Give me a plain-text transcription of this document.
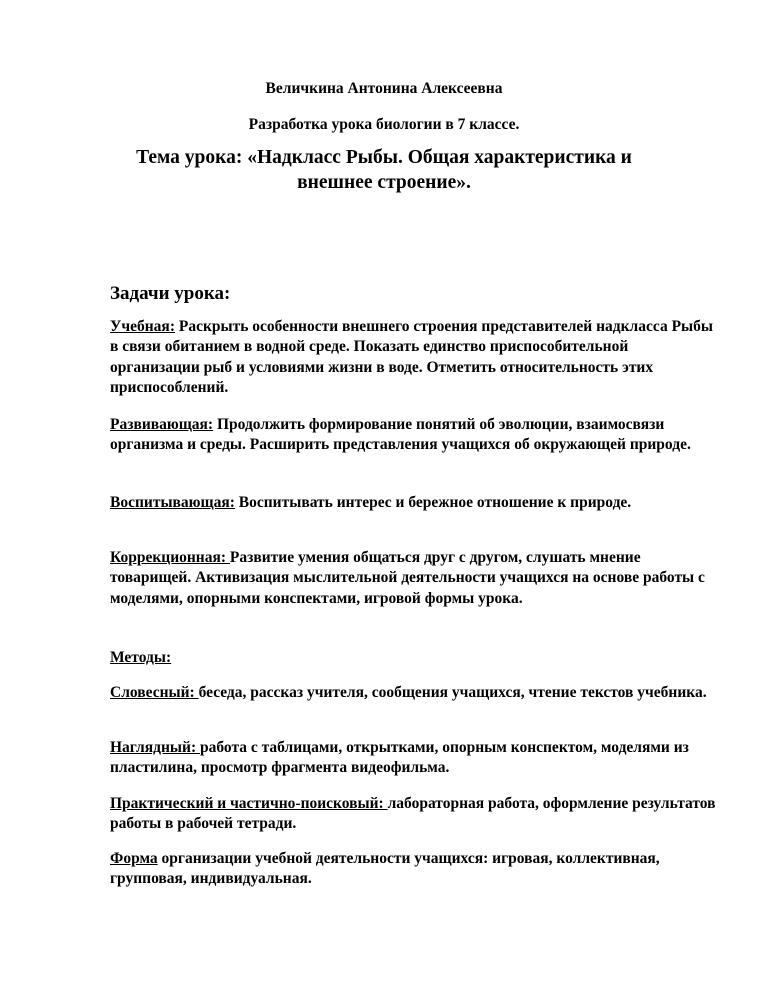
Величкина Антонина Алексеевна

Разработка урока биологии в 7 классе.

Тема урока: «Надкласс Рыбы. Общая характеристика и внешнее строение».

Задачи урока:

Учебная: Раскрыть особенности внешнего строения представителей надкласса Рыбы в связи обитанием в водной среде. Показать единство приспособительной организации рыб и условиями жизни в воде. Отметить относительность этих приспособлений.

Развивающая: Продолжить формирование понятий об эволюции, взаимосвязи организма и среды. Расширить представления учащихся об окружающей природе.

Воспитывающая: Воспитывать интерес и бережное отношение к природе.

Коррекционная: Развитие умения общаться друг с другом, слушать мнение товарищей. Активизация мыслительной деятельности учащихся на основе работы с моделями, опорными конспектами, игровой формы урока.

Методы:

Словесный: беседа, рассказ учителя, сообщения учащихся, чтение текстов учебника.

Наглядный: работа с таблицами, открытками, опорным конспектом, моделями из пластилина, просмотр фрагмента видеофильма.

Практический и частично-поисковый: лабораторная работа, оформление результатов работы в рабочей тетради.

Форма организации учебной деятельности учащихся: игровая, коллективная, групповая, индивидуальная.
